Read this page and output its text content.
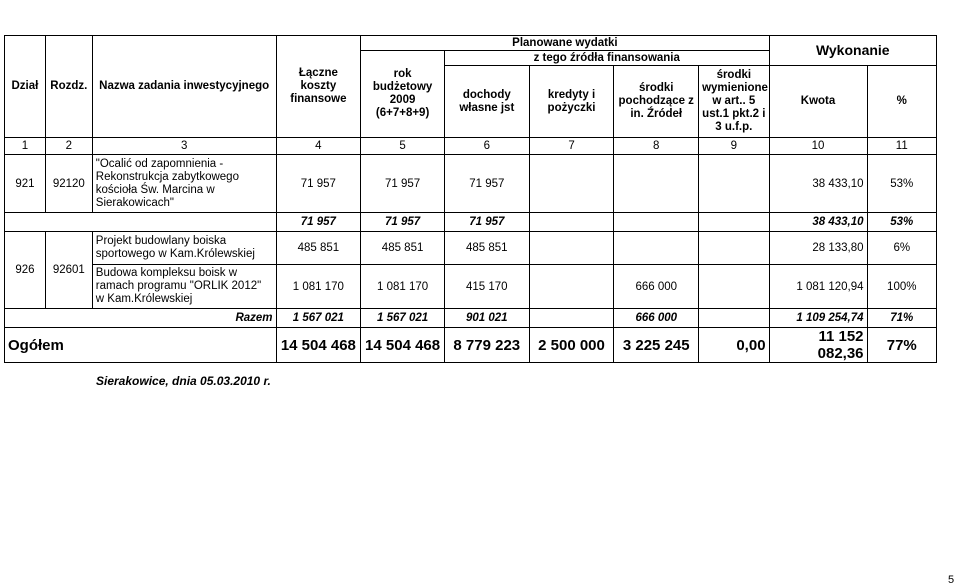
Dział	Rozdz.	Nazwa zadania inwestycyjnego	Łączne koszty finansowe	Planowane wydatki					Wykonanie	
				rok budżetowy 2009 (6+7+8+9)	z tego źródła finansowania					
					dochody własne jst	kredyty i pożyczki	środki pochodzące z in. Źródeł	środki wymienione w art.. 5 ust.1 pkt.2 i 3 u.f.p.	Kwota	%

1	2	3	4	5	6	7	8	9	10	11
921	92120	"Ocalić od zapomnienia - Rekonstrukcja zabytkowego kościoła Św. Marcina w Sierakowicach"	71 957	71 957	71 957				38 433,10	53%
			71 957	71 957	71 957				38 433,10	53%
926	92601	Projekt budowlany boiska sportowego w Kam.Królewskiej	485 851	485 851	485 851				28 133,80	6%
		Budowa kompleksu boisk w ramach programu "ORLIK 2012" w Kam.Królewskiej	1 081 170	1 081 170	415 170		666 000		1 081 120,94	100%
Razem			1 567 021	1 567 021	901 021		666 000		1 109 254,74	71%
Ogółem			14 504 468	14 504 468	8 779 223	2 500 000	3 225 245	0,00	11 152 082,36	77%
Sierakowice, dnia 05.03.2010 r.
5
